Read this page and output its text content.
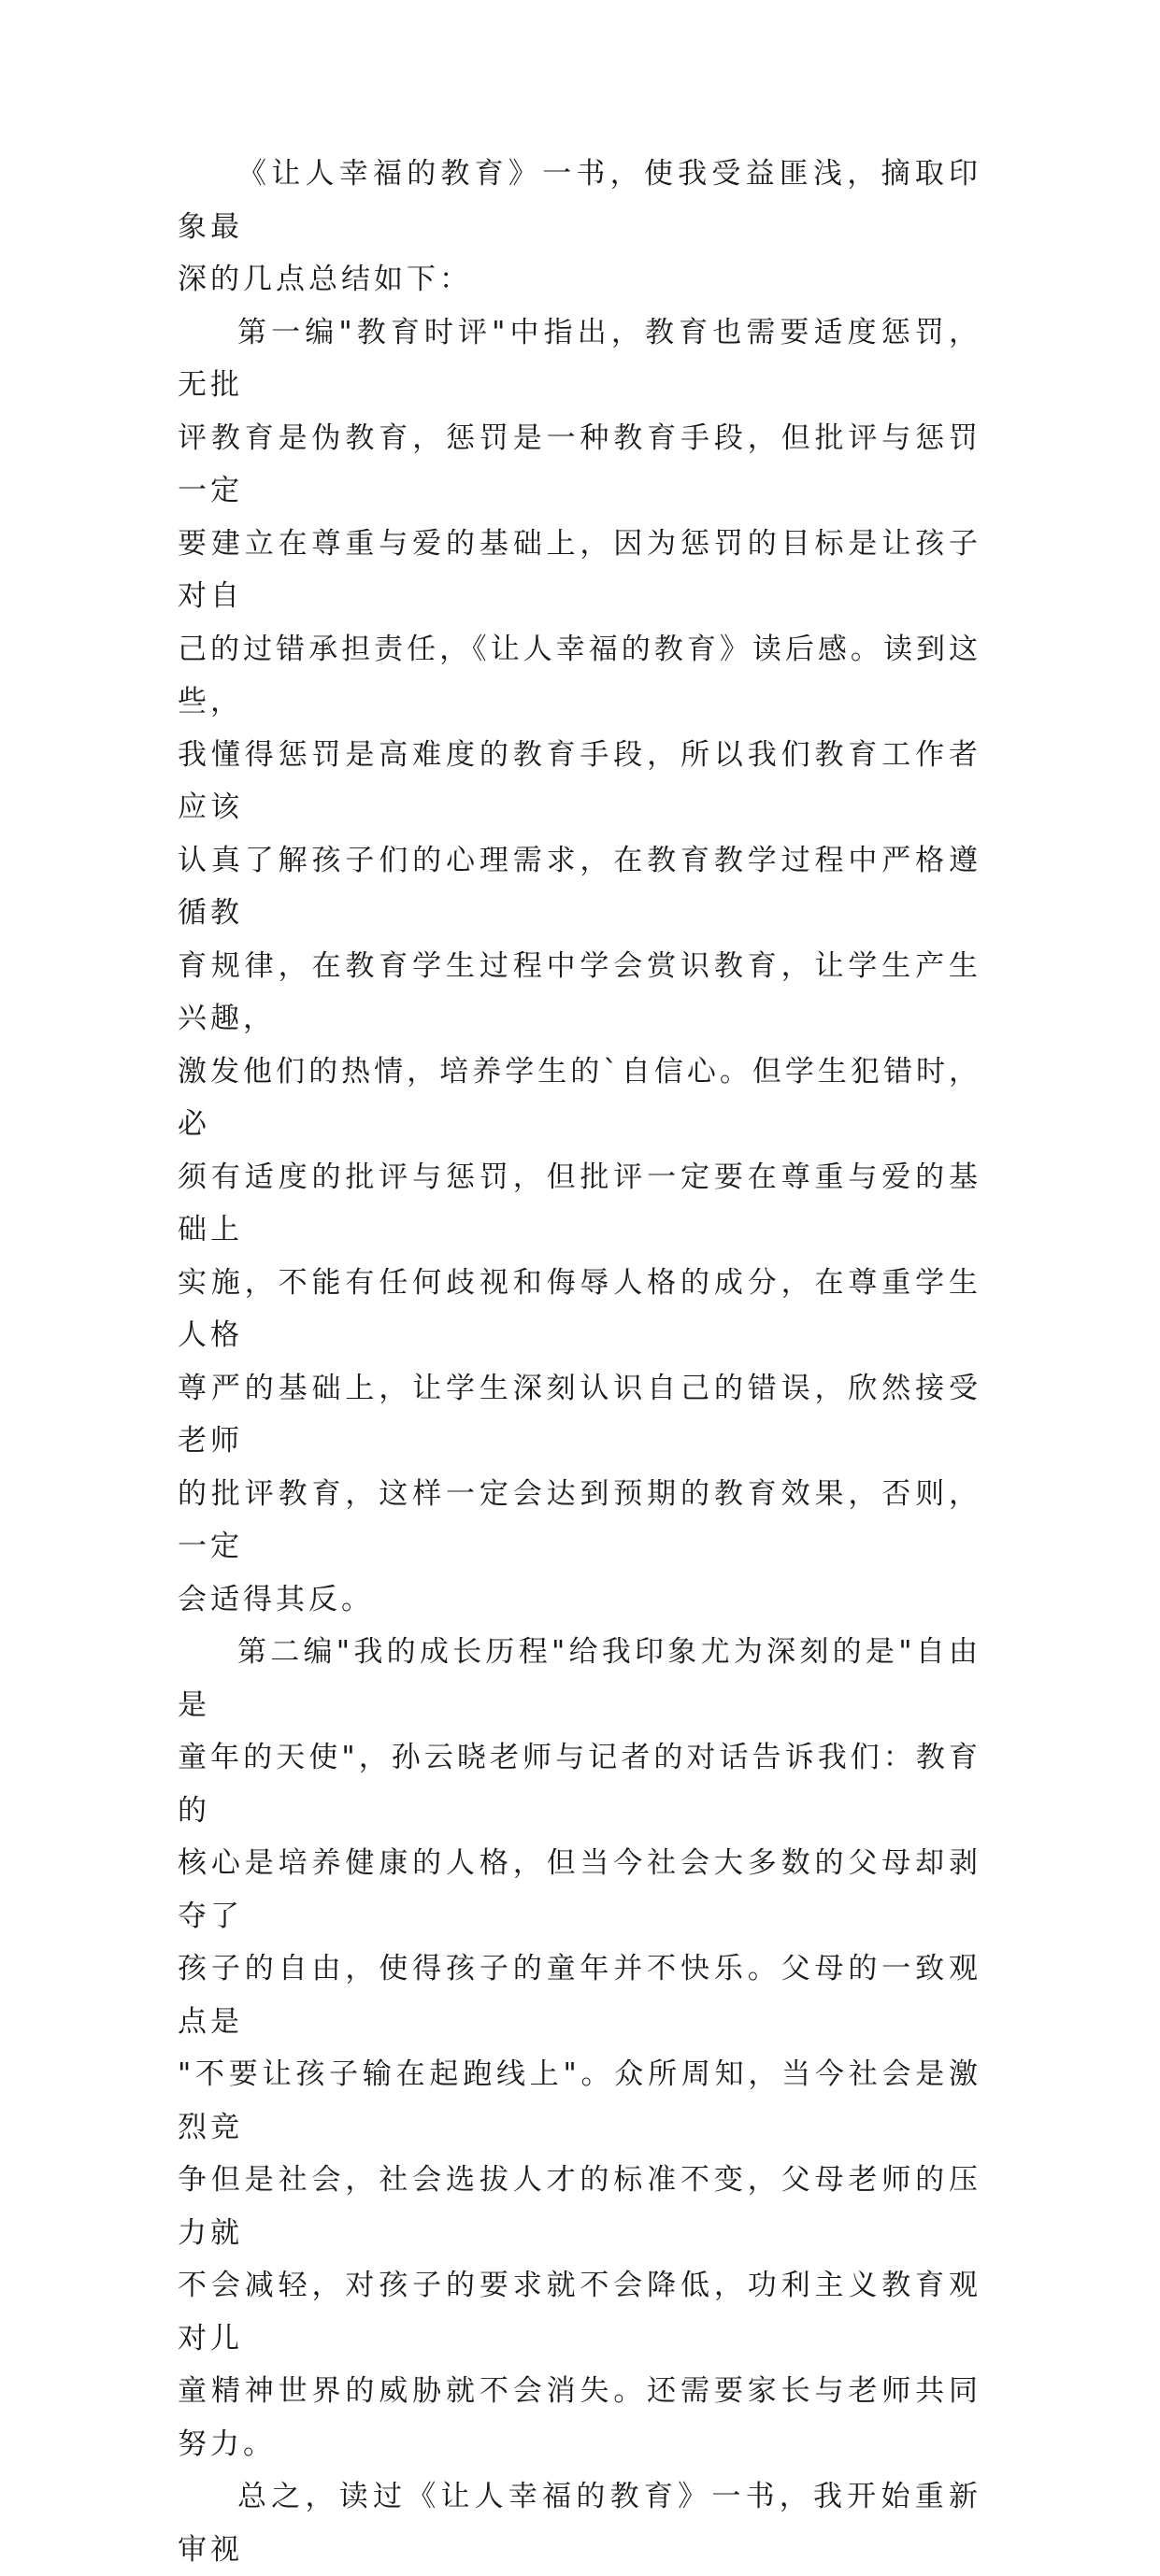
《让人幸福的教育》一书，使我受益匪浅，摘取印象最
深的几点总结如下：

第一编"教育时评"中指出，教育也需要适度惩罚，无批
评教育是伪教育，惩罚是一种教育手段，但批评与惩罚一定
要建立在尊重与爱的基础上，因为惩罚的目标是让孩子对自
己的过错承担责任，《让人幸福的教育》读后感。读到这些，
我懂得惩罚是高难度的教育手段，所以我们教育工作者应该
认真了解孩子们的心理需求，在教育教学过程中严格遵循教
育规律，在教育学生过程中学会赏识教育，让学生产生兴趣，
激发他们的热情，培养学生的`自信心。但学生犯错时，必
须有适度的批评与惩罚，但批评一定要在尊重与爱的基础上
实施，不能有任何歧视和侮辱人格的成分，在尊重学生人格
尊严的基础上，让学生深刻认识自己的错误，欣然接受老师
的批评教育，这样一定会达到预期的教育效果，否则，一定
会适得其反。

第二编"我的成长历程"给我印象尤为深刻的是"自由是
童年的天使"，孙云晓老师与记者的对话告诉我们：教育的
核心是培养健康的人格，但当今社会大多数的父母却剥夺了
孩子的自由，使得孩子的童年并不快乐。父母的一致观点是
"不要让孩子输在起跑线上"。众所周知，当今社会是激烈竞
争但是社会，社会选拔人才的标准不变，父母老师的压力就
不会减轻，对孩子的要求就不会降低，功利主义教育观对儿
童精神世界的威胁就不会消失。还需要家长与老师共同努力。

总之，读过《让人幸福的教育》一书，我开始重新审视
